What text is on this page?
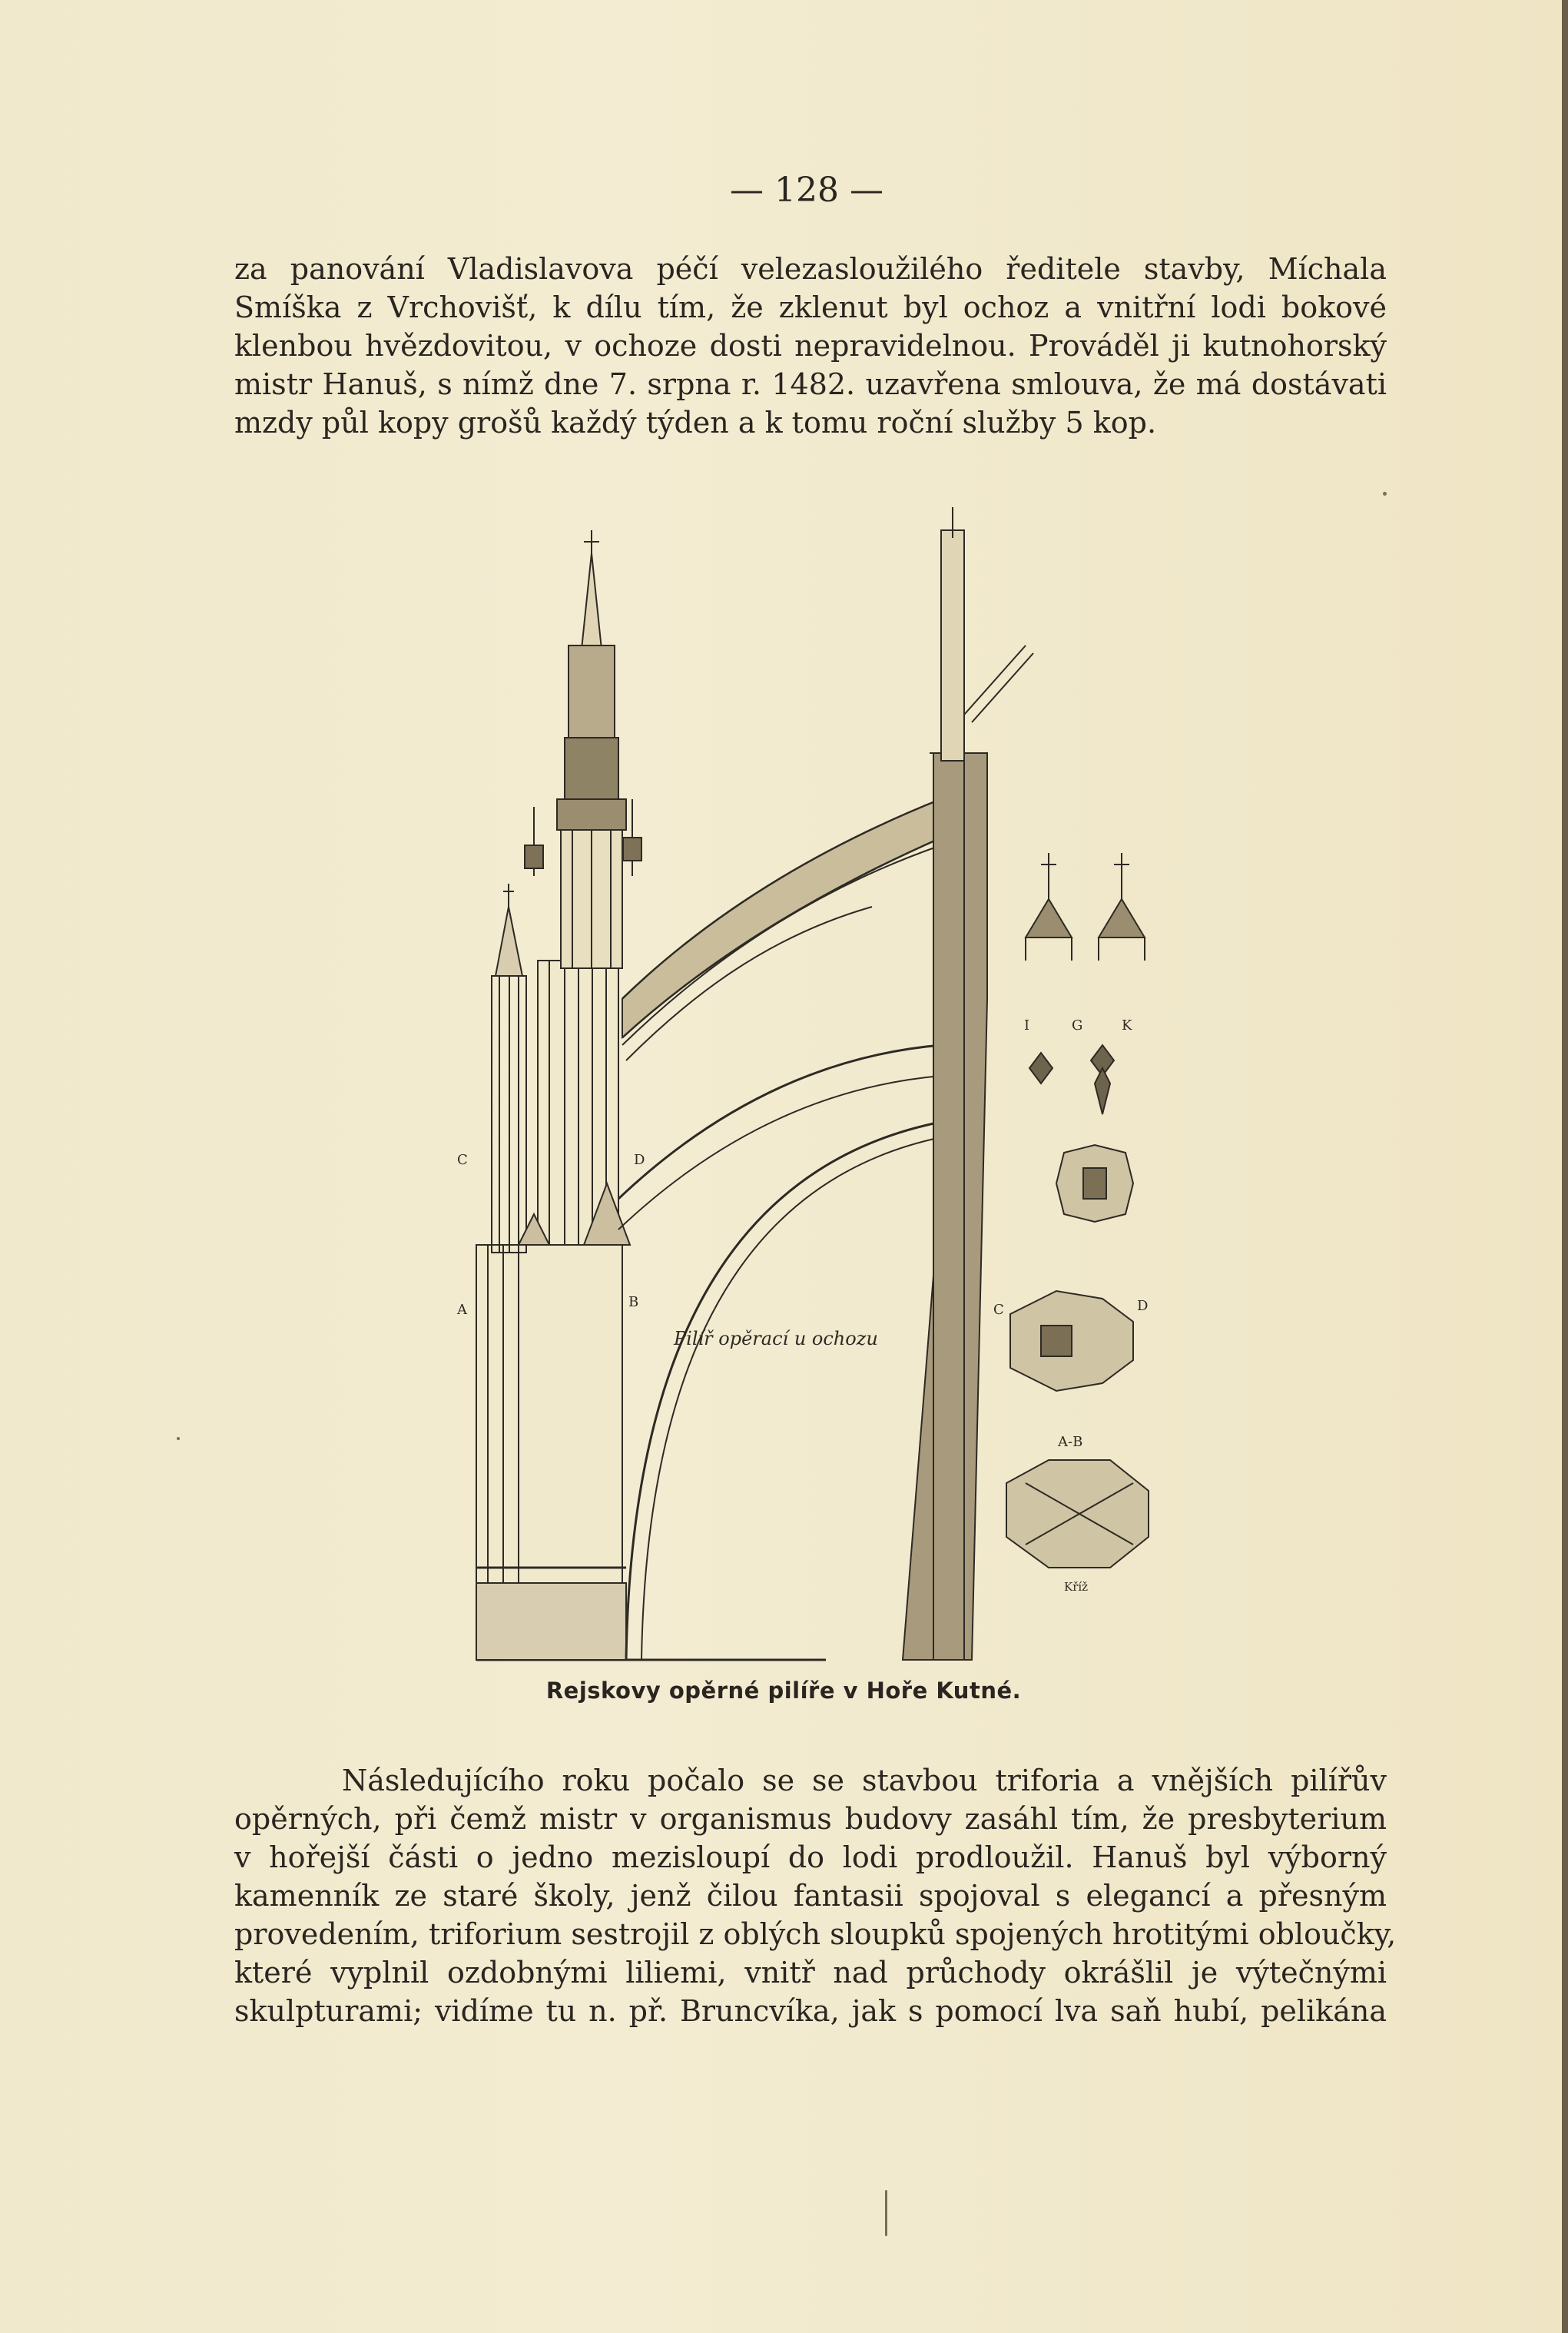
— 128 —
za panování Vladislavova péčí velezasloužilého ředitele stavby, Míchala
Smíška z Vrchovišť, k dílu tím, že zklenut byl ochoz a vnitřní lodi bokové
klenbou hvězdovitou, v ochoze dosti nepravidelnou. Prováděl ji kutnohorský
mistr Hanuš, s nímž dne 7. srpna r. 1482. uzavřena smlouva, že má dostávati
mzdy půl kopy grošů každý týden a k tomu roční služby 5 kop.
Pilíř opěrací u ochozu
C	D
A	B
I	G	K
C	D
A-B
Kříž
Rejskovy opěrné pilíře v Hoře Kutné.
Následujícího roku počalo se se stavbou triforia a vnějších pilířův
opěrných, při čemž mistr v organismus budovy zasáhl tím, že presbyterium
v hořejší části o jedno mezisloupí do lodi prodloužil. Hanuš byl výborný
kamenník ze staré školy, jenž čilou fantasii spojoval s elegancí a přesným
provedením, triforium sestrojil z oblých sloupků spojených hrotitými obloučky,
které vyplnil ozdobnými liliemi, vnitř nad průchody okrášlil je výtečnými
skulpturami; vidíme tu n. př. Bruncvíka, jak s pomocí lva saň hubí, pelikána
